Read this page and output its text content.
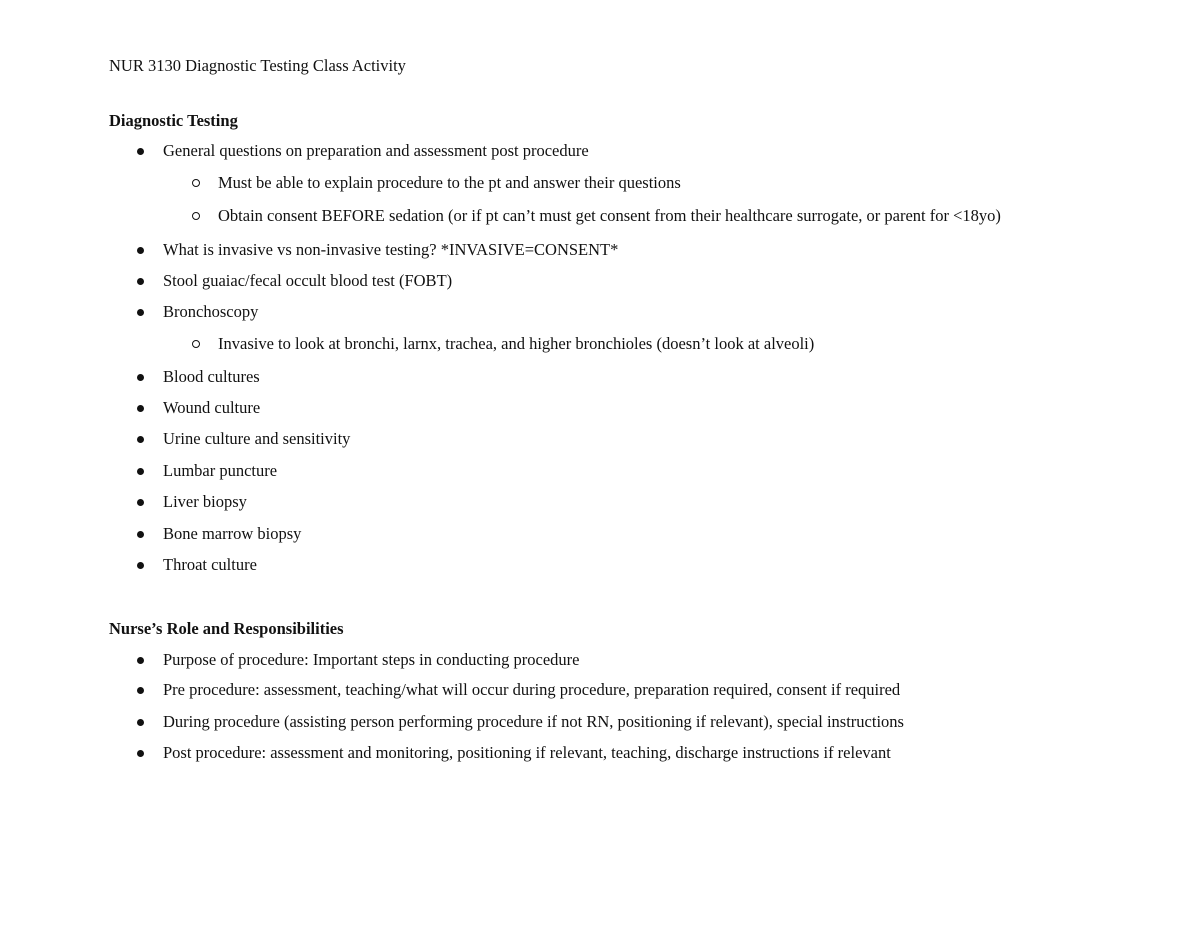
NUR 3130 Diagnostic Testing Class Activity
Diagnostic Testing
General questions on preparation and assessment post procedure
Must be able to explain procedure to the pt and answer their questions
Obtain consent BEFORE sedation (or if pt can’t must get consent from their healthcare surrogate, or parent for <18yo)
What is invasive vs non-invasive testing? *INVASIVE=CONSENT*
Stool guaiac/fecal occult blood test (FOBT)
Bronchoscopy
Invasive to look at bronchi, larnx, trachea, and higher bronchioles (doesn’t look at alveoli)
Blood cultures
Wound culture
Urine culture and sensitivity
Lumbar puncture
Liver biopsy
Bone marrow biopsy
Throat culture
Nurse’s Role and Responsibilities
Purpose of procedure: Important steps in conducting procedure
Pre procedure: assessment, teaching/what will occur during procedure, preparation required, consent if required
During procedure (assisting person performing procedure if not RN, positioning if relevant), special instructions
Post procedure: assessment and monitoring, positioning if relevant, teaching, discharge instructions if relevant
